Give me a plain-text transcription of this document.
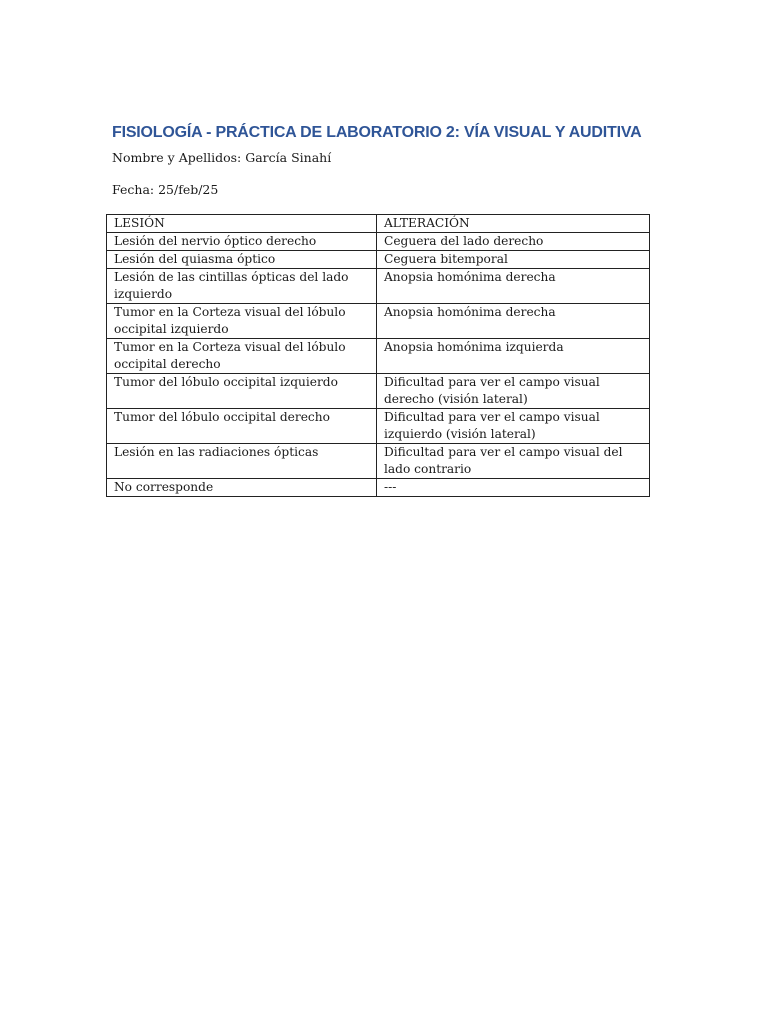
FISIOLOGÍA - PRÁCTICA DE LABORATORIO 2: VÍA VISUAL Y AUDITIVA
Nombre y Apellidos: García Sinahí
Fecha: 25/feb/25
LESIÓN	ALTERACIÓN
Lesión del nervio óptico derecho	Ceguera del lado derecho
Lesión del quiasma óptico	Ceguera bitemporal
Lesión de las cintillas ópticas del lado izquierdo	Anopsia homónima derecha
Tumor en la Corteza visual del lóbulo occipital izquierdo	Anopsia homónima derecha
Tumor en la Corteza visual del lóbulo occipital derecho	Anopsia homónima izquierda
Tumor del lóbulo occipital izquierdo	Dificultad para ver el campo visual derecho (visión lateral)
Tumor del lóbulo occipital derecho	Dificultad para ver el campo visual izquierdo (visión lateral)
Lesión en las radiaciones ópticas	Dificultad para ver el campo visual del lado contrario
No corresponde	---
